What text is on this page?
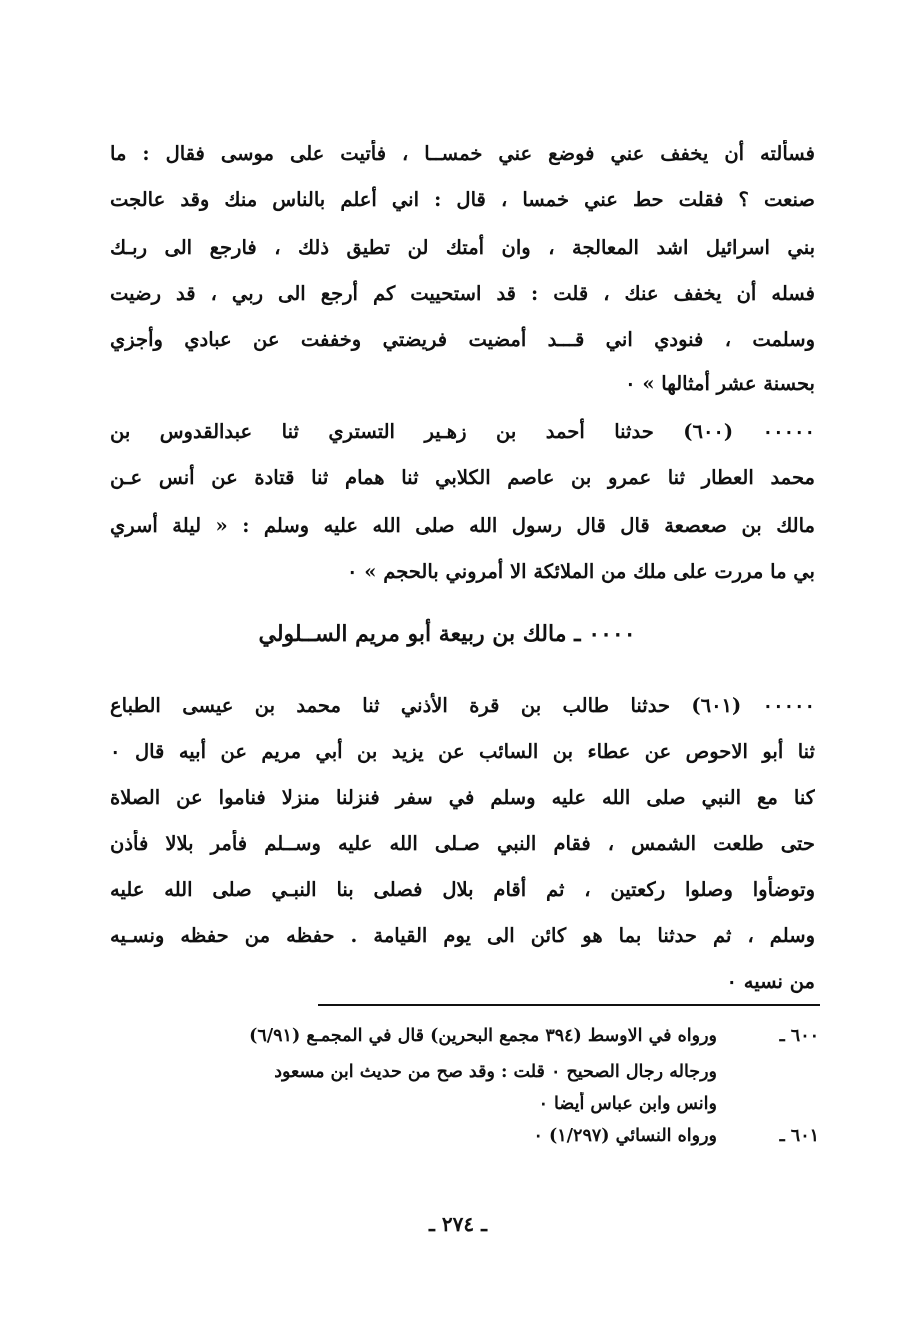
فسألته أن يخفف عني فوضع عني خمســا ، فأتيت على موسى فقال : ما
صنعت ؟ فقلت حط عني خمسا ، قال : اني أعلم بالناس منك وقد عالجت
بني اسرائيل اشد المعالجة ، وان أمتك لن تطيق ذلك ، فارجع الى ربـك
فسله أن يخفف عنك ، قلت : قد استحييت كم أرجع الى ربي ، قد رضيت
وسلمت ، فنودي اني قـــد أمضيت فريضتي وخففت عن عبادي وأجزي
بحسنة عشر أمثالها » ٠
٠٠٠٠٠ (٦٠٠) حدثنا أحمد بن زهـير التستري ثنا عبدالقدوس بن
محمد العطار ثنا عمرو بن عاصم الكلابي ثنا همام ثنا قتادة عن أنس عـن
مالك بن صعصعة قال قال رسول الله صلى الله عليه وسلم : « ليلة أسري
بي ما مررت على ملك من الملائكة الا أمروني بالحجم » ٠
٠٠٠٠ ـ مالك بن ربيعة أبو مريم الســلولي
٠٠٠٠٠ (٦٠١) حدثنا طالب بن قرة الأذني ثنا محمد بن عيسى الطباع
ثنا أبو الاحوص عن عطاء بن السائب عن يزيد بن أبي مريم عن أبيه قال ٠
كنا مع النبي صلى الله عليه وسلم في سفر فنزلنا منزلا فناموا عن الصلاة
حتى طلعت الشمس ، فقام النبي صـلى الله عليه وســلم فأمر بلالا فأذن
وتوضأوا وصلوا ركعتين ، ثم أقام بلال فصلى بنا النبـي صلى الله عليه
وسلم ، ثم حدثنا بما هو كائن الى يوم القيامة . حفظه من حفظه ونسـيه
من نسيه ٠
٦٠٠ ـ
ورواه في الاوسط (٣٩٤ مجمع البحرين) قال في المجمـع (٦/٩١)
ورجاله رجال الصحيح ٠ قلت : وقد صح من حديث ابن مسعود
وانس وابن عباس أيضا ٠
٦٠١ ـ
ورواه النسائي (١/٢٩٧) ٠
ـ ٢٧٤ ـ
